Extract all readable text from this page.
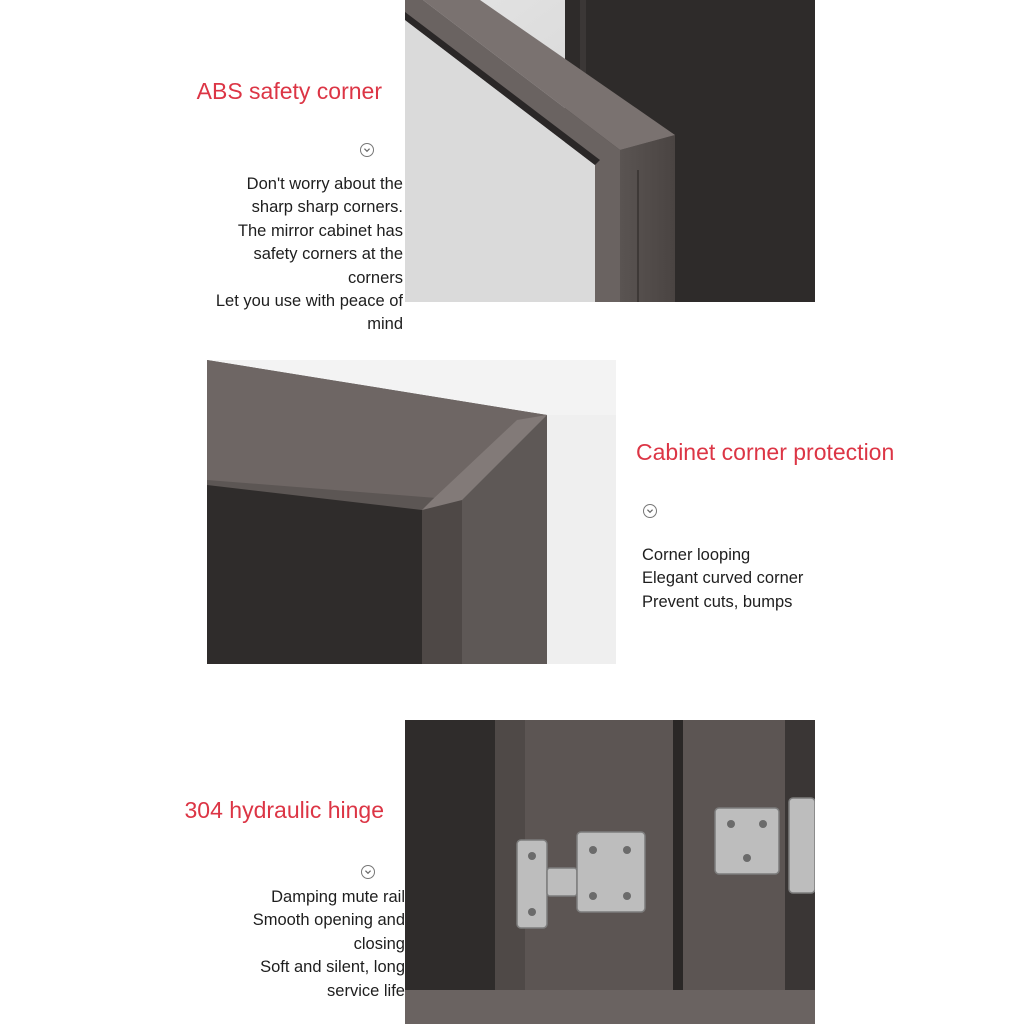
ABS safety corner
Don't worry about the
sharp sharp corners.
The mirror cabinet has
safety corners at the
corners
Let you use with peace of
mind
Cabinet corner protection
Corner looping
Elegant curved corner
Prevent cuts, bumps
304 hydraulic hinge
Damping mute rail
Smooth opening and
closing
Soft and silent, long
service life
